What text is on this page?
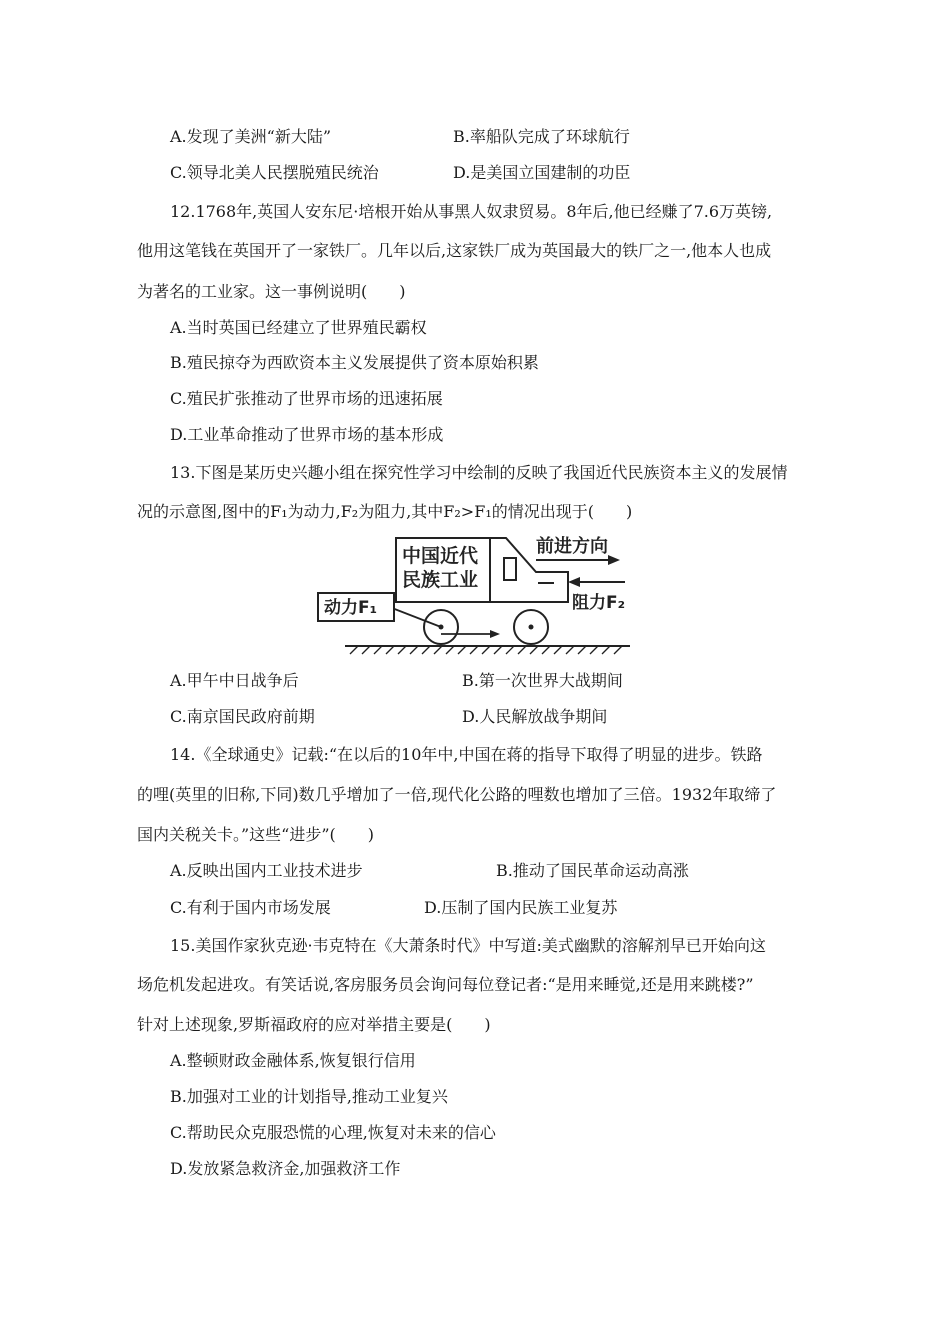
A.发现了美洲“新大陆”	B.率船队完成了环球航行
C.领导北美人民摆脱殖民统治	D.是美国立国建制的功臣
12.1768年,英国人安东尼·培根开始从事黑人奴隶贸易。8年后,他已经赚了7.6万英镑,
他用这笔钱在英国开了一家铁厂。几年以后,这家铁厂成为英国最大的铁厂之一,他本人也成
为著名的工业家。这一事例说明(　　)
A.当时英国已经建立了世界殖民霸权
B.殖民掠夺为西欧资本主义发展提供了资本原始积累
C.殖民扩张推动了世界市场的迅速拓展
D.工业革命推动了世界市场的基本形成
13.下图是某历史兴趣小组在探究性学习中绘制的反映了我国近代民族资本主义的发展情
况的示意图,图中的F₁为动力,F₂为阻力,其中F₂>F₁的情况出现于(　　)
中国近代
民族工业
前进方向
动力F₁	阻力F₂
A.甲午中日战争后	B.第一次世界大战期间
C.南京国民政府前期	D.人民解放战争期间
14.《全球通史》记载:“在以后的10年中,中国在蒋的指导下取得了明显的进步。铁路
的哩(英里的旧称,下同)数几乎增加了一倍,现代化公路的哩数也增加了三倍。1932年取缔了
国内关税关卡。”这些“进步”(　　)
A.反映出国内工业技术进步	B.推动了国民革命运动高涨
C.有利于国内市场发展	D.压制了国内民族工业复苏
15.美国作家狄克逊·韦克特在《大萧条时代》中写道:美式幽默的溶解剂早已开始向这
场危机发起进攻。有笑话说,客房服务员会询问每位登记者:“是用来睡觉,还是用来跳楼?”
针对上述现象,罗斯福政府的应对举措主要是(　　)
A.整顿财政金融体系,恢复银行信用
B.加强对工业的计划指导,推动工业复兴
C.帮助民众克服恐慌的心理,恢复对未来的信心
D.发放紧急救济金,加强救济工作
